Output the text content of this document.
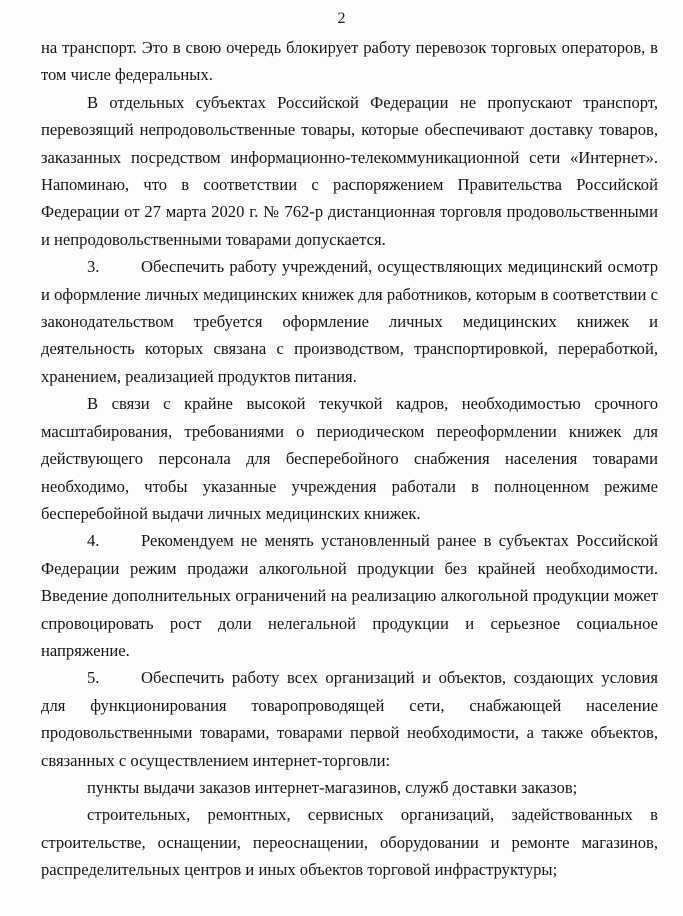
2

на транспорт. Это в свою очередь блокирует работу перевозок торговых операторов, в том числе федеральных.

В отдельных субъектах Российской Федерации не пропускают транспорт, перевозящий непродовольственные товары, которые обеспечивают доставку товаров, заказанных посредством информационно-телекоммуникационной сети «Интернет». Напоминаю, что в соответствии с распоряжением Правительства Российской Федерации от 27 марта 2020 г. № 762-р дистанционная торговля продовольственными и непродовольственными товарами допускается.

3.	Обеспечить работу учреждений, осуществляющих медицинский осмотр и оформление личных медицинских книжек для работников, которым в соответствии с законодательством требуется оформление личных медицинских книжек и деятельность которых связана с производством, транспортировкой, переработкой, хранением, реализацией продуктов питания.

В связи с крайне высокой текучкой кадров, необходимостью срочного масштабирования, требованиями о периодическом переоформлении книжек для действующего персонала для бесперебойного снабжения населения товарами необходимо, чтобы указанные учреждения работали в полноценном режиме бесперебойной выдачи личных медицинских книжек.

4.	Рекомендуем не менять установленный ранее в субъектах Российской Федерации режим продажи алкогольной продукции без крайней необходимости. Введение дополнительных ограничений на реализацию алкогольной продукции может спровоцировать рост доли нелегальной продукции и серьезное социальное напряжение.

5.	Обеспечить работу всех организаций и объектов, создающих условия для функционирования товаропроводящей сети, снабжающей население продовольственными товарами, товарами первой необходимости, а также объектов, связанных с осуществлением интернет-торговли:

пункты выдачи заказов интернет-магазинов, служб доставки заказов;

строительных, ремонтных, сервисных организаций, задействованных в строительстве, оснащении, переоснащении, оборудовании и ремонте магазинов, распределительных центров и иных объектов торговой инфраструктуры;
